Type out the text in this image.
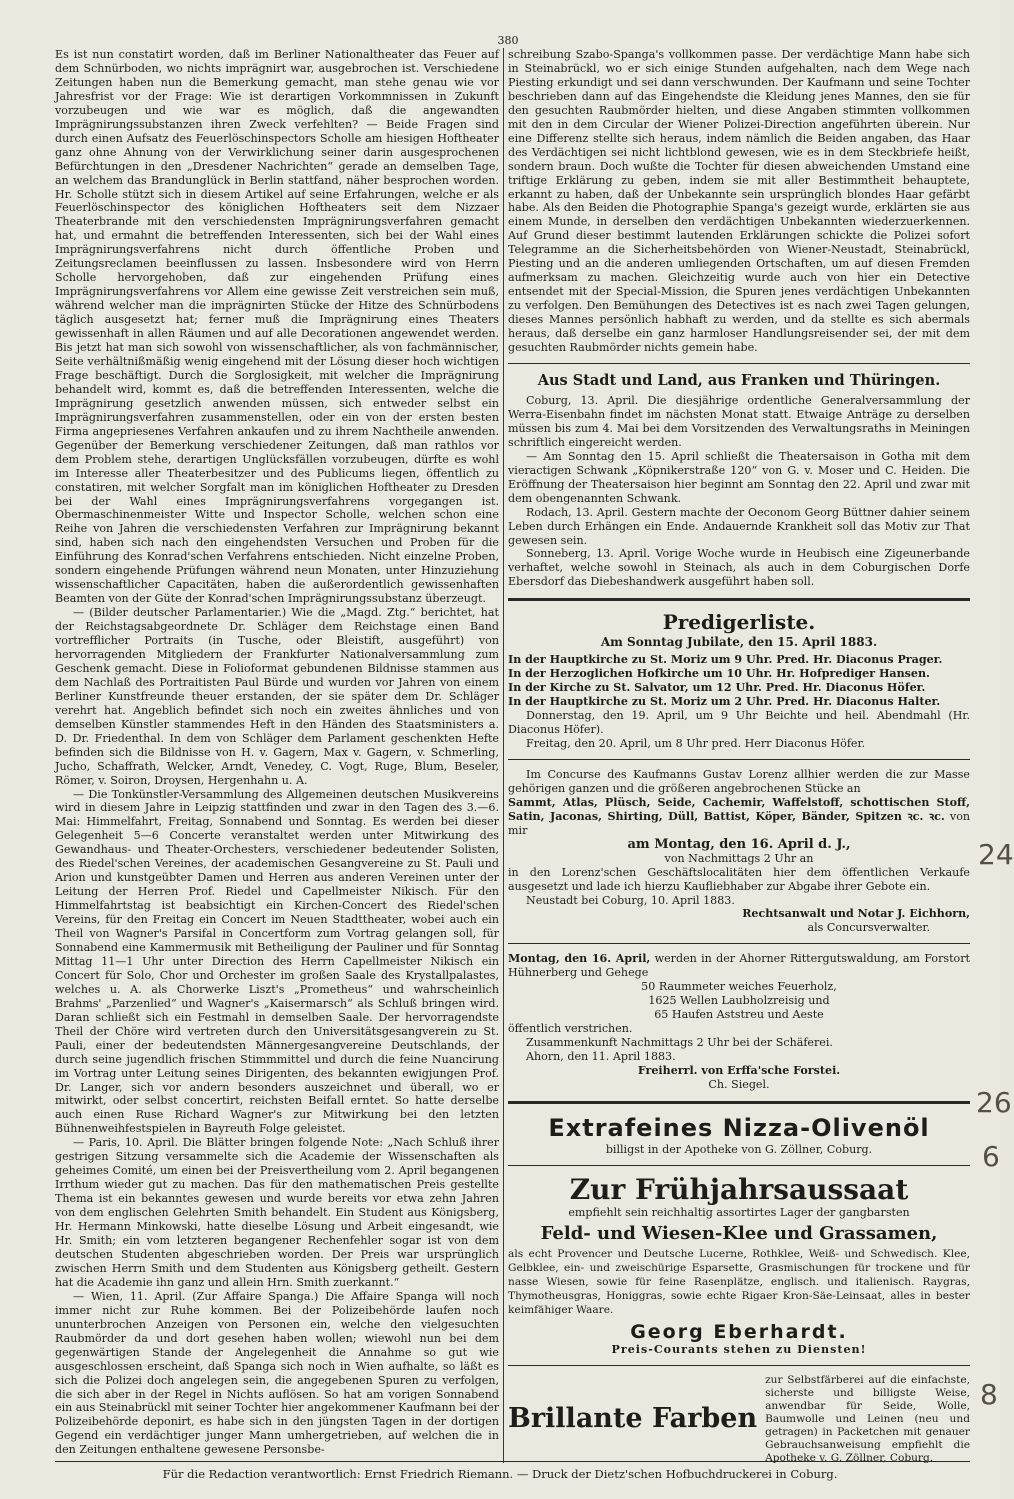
380

Es ist nun constatirt worden, daß im Berliner Nationaltheater das Feuer auf dem Schnürboden, wo nichts imprägnirt war, ausgebrochen ist. Verschiedene Zeitungen haben nun die Bemerkung gemacht, man stehe genau wie vor Jahresfrist vor der Frage: Wie ist derartigen Vorkommnissen in Zukunft vorzubeugen und wie war es möglich, daß die angewandten Imprägnirungssubstanzen ihren Zweck verfehlten? — Beide Fragen sind durch einen Aufsatz des Feuerlöschinspectors Scholle am hiesigen Hoftheater ganz ohne Ahnung von der Verwirklichung seiner darin ausgesprochenen Befürchtungen in den „Dresdener Nachrichten“ gerade an demselben Tage, an welchem das Brandunglück in Berlin stattfand, näher besprochen worden. Hr. Scholle stützt sich in diesem Artikel auf seine Erfahrungen, welche er als Feuerlöschinspector des königlichen Hoftheaters seit dem Nizzaer Theaterbrande mit den verschiedensten Imprägnirungsverfahren gemacht hat, und ermahnt die betreffenden Interessenten, sich bei der Wahl eines Imprägnirungsverfahrens nicht durch öffentliche Proben und Zeitungsreclamen beeinflussen zu lassen. Insbesondere wird von Herrn Scholle hervorgehoben, daß zur eingehenden Prüfung eines Imprägnirungsverfahrens vor Allem eine gewisse Zeit verstreichen sein muß, während welcher man die imprägnirten Stücke der Hitze des Schnürbodens täglich ausgesetzt hat; ferner muß die Imprägnirung eines Theaters gewissenhaft in allen Räumen und auf alle Decorationen angewendet werden. Bis jetzt hat man sich sowohl von wissenschaftlicher, als von fachmännischer, Seite verhältnißmäßig wenig eingehend mit der Lösung dieser hoch wichtigen Frage beschäftigt. Durch die Sorglosigkeit, mit welcher die Imprägnirung behandelt wird, kommt es, daß die betreffenden Interessenten, welche die Imprägnirung gesetzlich anwenden müssen, sich entweder selbst ein Imprägnirungsverfahren zusammenstellen, oder ein von der ersten besten Firma angepriesenes Verfahren ankaufen und zu ihrem Nachtheile anwenden. Gegenüber der Bemerkung verschiedener Zeitungen, daß man rathlos vor dem Problem stehe, derartigen Unglücksfällen vorzubeugen, dürfte es wohl im Interesse aller Theaterbesitzer und des Publicums liegen, öffentlich zu constatiren, mit welcher Sorgfalt man im königlichen Hoftheater zu Dresden bei der Wahl eines Imprägnirungsverfahrens vorgegangen ist. Obermaschinenmeister Witte und Inspector Scholle, welchen schon eine Reihe von Jahren die verschiedensten Verfahren zur Imprägnirung bekannt sind, haben sich nach den eingehendsten Versuchen und Proben für die Einführung des Konrad'schen Verfahrens entschieden. Nicht einzelne Proben, sondern eingehende Prüfungen während neun Monaten, unter Hinzuziehung wissenschaftlicher Capacitäten, haben die außerordentlich gewissenhaften Beamten von der Güte der Konrad'schen Imprägnirungssubstanz überzeugt.

— (Bilder deutscher Parlamentarier.) Wie die „Magd. Ztg.“ berichtet, hat der Reichstagsabgeordnete Dr. Schläger dem Reichstage einen Band vortrefflicher Portraits (in Tusche, oder Bleistift, ausgeführt) von hervorragenden Mitgliedern der Frankfurter Nationalversammlung zum Geschenk gemacht. Diese in Folioformat gebundenen Bildnisse stammen aus dem Nachlaß des Portraitisten Paul Bürde und wurden vor Jahren von einem Berliner Kunstfreunde theuer erstanden, der sie später dem Dr. Schläger verehrt hat. Angeblich befindet sich noch ein zweites ähnliches und von demselben Künstler stammendes Heft in den Händen des Staatsministers a. D. Dr. Friedenthal. In dem von Schläger dem Parlament geschenkten Hefte befinden sich die Bildnisse von H. v. Gagern, Max v. Gagern, v. Schmerling, Jucho, Schaffrath, Welcker, Arndt, Venedey, C. Vogt, Ruge, Blum, Beseler, Römer, v. Soiron, Droysen, Hergenhahn u. A.

— Die Tonkünstler-Versammlung des Allgemeinen deutschen Musikvereins wird in diesem Jahre in Leipzig stattfinden und zwar in den Tagen des 3.—6. Mai: Himmelfahrt, Freitag, Sonnabend und Sonntag. Es werden bei dieser Gelegenheit 5—6 Concerte veranstaltet werden unter Mitwirkung des Gewandhaus- und Theater-Orchesters, verschiedener bedeutender Solisten, des Riedel'schen Vereines, der academischen Gesangvereine zu St. Pauli und Arion und kunstgeübter Damen und Herren aus anderen Vereinen unter der Leitung der Herren Prof. Riedel und Capellmeister Nikisch. Für den Himmelfahrtstag ist beabsichtigt ein Kirchen-Concert des Riedel'schen Vereins, für den Freitag ein Concert im Neuen Stadttheater, wobei auch ein Theil von Wagner's Parsifal in Concertform zum Vortrag gelangen soll, für Sonnabend eine Kammermusik mit Betheiligung der Pauliner und für Sonntag Mittag 11—1 Uhr unter Direction des Herrn Capellmeister Nikisch ein Concert für Solo, Chor und Orchester im großen Saale des Krystallpalastes, welches u. A. als Chorwerke Liszt's „Prometheus“ und wahrscheinlich Brahms' „Parzenlied“ und Wagner's „Kaisermarsch“ als Schluß bringen wird. Daran schließt sich ein Festmahl in demselben Saale. Der hervorragendste Theil der Chöre wird vertreten durch den Universitätsgesangverein zu St. Pauli, einer der bedeutendsten Männergesangvereine Deutschlands, der durch seine jugendlich frischen Stimmmittel und durch die feine Nuancirung im Vortrag unter Leitung seines Dirigenten, des bekannten ewigjungen Prof. Dr. Langer, sich vor andern besonders auszeichnet und überall, wo er mitwirkt, oder selbst concertirt, reichsten Beifall erntet. So hatte derselbe auch einen Ruse Richard Wagner's zur Mitwirkung bei den letzten Bühnenweihfestspielen in Bayreuth Folge geleistet.

— Paris, 10. April. Die Blätter bringen folgende Note: „Nach Schluß ihrer gestrigen Sitzung versammelte sich die Academie der Wissenschaften als geheimes Comité, um einen bei der Preisvertheilung vom 2. April begangenen Irrthum wieder gut zu machen. Das für den mathematischen Preis gestellte Thema ist ein bekanntes gewesen und wurde bereits vor etwa zehn Jahren von dem englischen Gelehrten Smith behandelt. Ein Student aus Königsberg, Hr. Hermann Minkowski, hatte dieselbe Lösung und Arbeit eingesandt, wie Hr. Smith; ein vom letzteren begangener Rechenfehler sogar ist von dem deutschen Studenten abgeschrieben worden. Der Preis war ursprünglich zwischen Herrn Smith und dem Studenten aus Königsberg getheilt. Gestern hat die Academie ihn ganz und allein Hrn. Smith zuerkannt.“

— Wien, 11. April. (Zur Affaire Spanga.) Die Affaire Spanga will noch immer nicht zur Ruhe kommen. Bei der Polizeibehörde laufen noch ununterbrochen Anzeigen von Personen ein, welche den vielgesuchten Raubmörder da und dort gesehen haben wollen; wiewohl nun bei dem gegenwärtigen Stande der Angelegenheit die Annahme so gut wie ausgeschlossen erscheint, daß Spanga sich noch in Wien aufhalte, so läßt es sich die Polizei doch angelegen sein, die angegebenen Spuren zu verfolgen, die sich aber in der Regel in Nichts auflösen. So hat am vorigen Sonnabend ein aus Steinabrückl mit seiner Tochter hier angekommener Kaufmann bei der Polizeibehörde deponirt, es habe sich in den jüngsten Tagen in der dortigen Gegend ein verdächtiger junger Mann umhergetrieben, auf welchen die in den Zeitungen enthaltene gewesene Personsbe-

schreibung Szabo-Spanga's vollkommen passe. Der verdächtige Mann habe sich in Steinabrückl, wo er sich einige Stunden aufgehalten, nach dem Wege nach Piesting erkundigt und sei dann verschwunden. Der Kaufmann und seine Tochter beschrieben dann auf das Eingehendste die Kleidung jenes Mannes, den sie für den gesuchten Raubmörder hielten, und diese Angaben stimmten vollkommen mit den in dem Circular der Wiener Polizei-Direction angeführten überein. Nur eine Differenz stellte sich heraus, indem nämlich die Beiden angaben, das Haar des Verdächtigen sei nicht lichtblond gewesen, wie es in dem Steckbriefe heißt, sondern braun. Doch wußte die Tochter für diesen abweichenden Umstand eine triftige Erklärung zu geben, indem sie mit aller Bestimmtheit behauptete, erkannt zu haben, daß der Unbekannte sein ursprünglich blondes Haar gefärbt habe. Als den Beiden die Photographie Spanga's gezeigt wurde, erklärten sie aus einem Munde, in derselben den verdächtigen Unbekannten wiederzuerkennen. Auf Grund dieser bestimmt lautenden Erklärungen schickte die Polizei sofort Telegramme an die Sicherheitsbehörden von Wiener-Neustadt, Steinabrückl, Piesting und an die anderen umliegenden Ortschaften, um auf diesen Fremden aufmerksam zu machen. Gleichzeitig wurde auch von hier ein Detective entsendet mit der Special-Mission, die Spuren jenes verdächtigen Unbekannten zu verfolgen. Den Bemühungen des Detectives ist es nach zwei Tagen gelungen, dieses Mannes persönlich habhaft zu werden, und da stellte es sich abermals heraus, daß derselbe ein ganz harmloser Handlungsreisender sei, der mit dem gesuchten Raubmörder nichts gemein habe.

Aus Stadt und Land, aus Franken und Thüringen.

Coburg, 13. April. Die diesjährige ordentliche Generalversammlung der Werra-Eisenbahn findet im nächsten Monat statt. Etwaige Anträge zu derselben müssen bis zum 4. Mai bei dem Vorsitzenden des Verwaltungsraths in Meiningen schriftlich eingereicht werden.

— Am Sonntag den 15. April schließt die Theatersaison in Gotha mit dem vieractigen Schwank „Köpnikerstraße 120“ von G. v. Moser und C. Heiden. Die Eröffnung der Theatersaison hier beginnt am Sonntag den 22. April und zwar mit dem obengenannten Schwank.

Rodach, 13. April. Gestern machte der Oeconom Georg Büttner dahier seinem Leben durch Erhängen ein Ende. Andauernde Krankheit soll das Motiv zur That gewesen sein.

Sonneberg, 13. April. Vorige Woche wurde in Heubisch eine Zigeunerbande verhaftet, welche sowohl in Steinach, als auch in dem Coburgischen Dorfe Ebersdorf das Diebeshandwerk ausgeführt haben soll.

Predigerliste.
Am Sonntag Jubilate, den 15. April 1883.

In der Hauptkirche zu St. Moriz um 9 Uhr. Pred. Hr. Diaconus Prager.

In der Herzoglichen Hofkirche um 10 Uhr. Hr. Hofprediger Hansen.

In der Kirche zu St. Salvator, um 12 Uhr. Pred. Hr. Diaconus Höfer.

In der Hauptkirche zu St. Moriz um 2 Uhr. Pred. Hr. Diaconus Halter.

Donnerstag, den 19. April, um 9 Uhr Beichte und heil. Abendmahl (Hr. Diaconus Höfer).

Freitag, den 20. April, um 8 Uhr pred. Herr Diaconus Höfer.

Im Concurse des Kaufmanns Gustav Lorenz allhier werden die zur Masse gehörigen ganzen und die größeren angebrochenen Stücke an

Sammt, Atlas, Plüsch, Seide, Cachemir, Waffelstoff, schottischen Stoff, Satin, Jaconas, Shirting, Düll, Battist, Köper, Bänder, Spitzen ꝛc. ꝛc. von mir

am Montag, den 16. April d. J.,

von Nachmittags 2 Uhr an

in den Lorenz'schen Geschäftslocalitäten hier dem öffentlichen Verkaufe ausgesetzt und lade ich hierzu Kaufliebhaber zur Abgabe ihrer Gebote ein.

Neustadt bei Coburg, 10. April 1883.

Rechtsanwalt und Notar J. Eichhorn,

als Concursverwalter.

Montag, den 16. April, werden in der Ahorner Rittergutswaldung, am Forstort Hühnerberg und Gehege

50 Raummeter weiches Feuerholz,

1625 Wellen Laubholzreisig und

65 Haufen Aststreu und Aeste

öffentlich verstrichen.

Zusammenkunft Nachmittags 2 Uhr bei der Schäferei.

Ahorn, den 11. April 1883.

Freiherrl. von Erffa'sche Forstei.

Ch. Siegel.

Extrafeines Nizza-Olivenöl

billigst in der Apotheke von G. Zöllner, Coburg.

Zur Frühjahrsaussaat

empfiehlt sein reichhaltig assortirtes Lager der gangbarsten

Feld- und Wiesen-Klee und Grassamen,

als echt Provencer und Deutsche Lucerne, Rothklee, Weiß- und Schwedisch. Klee, Gelbklee, ein- und zweischürige Esparsette, Grasmischungen für trockene und für nasse Wiesen, sowie für feine Rasenplätze, englisch. und italienisch. Raygras, Thymotheusgras, Honiggras, sowie echte Rigaer Kron-Säe-Leinsaat, alles in bester keimfähiger Waare.

Georg Eberhardt.

Preis-Courants stehen zu Diensten!

Brillante Farben
zur Selbstfärberei auf die einfachste, sicherste und billigste Weise, anwendbar für Seide, Wolle, Baumwolle und Leinen (neu und getragen) in Packetchen mit genauer Gebrauchsanweisung empfiehlt die Apotheke v. G. Zöllner, Coburg.
Für die Redaction verantwortlich: Ernst Friedrich Riemann. — Druck der Dietz'schen Hofbuchdruckerei in Coburg.
24
26
6
8
